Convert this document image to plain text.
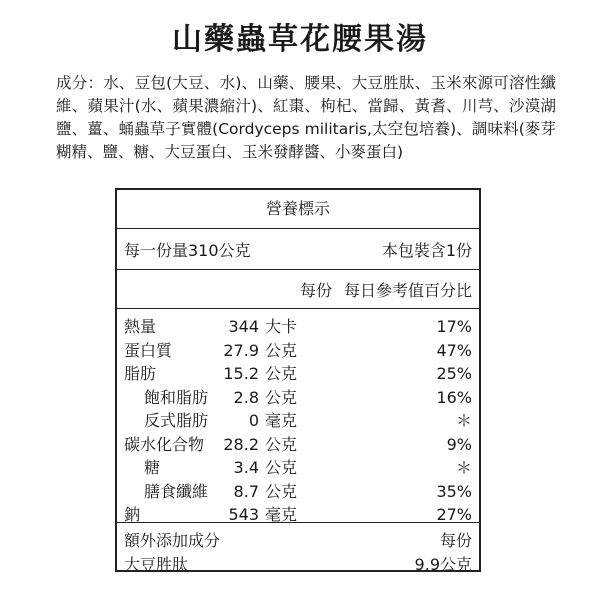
山藥蟲草花腰果湯

成分：水、豆包(大豆、水)、山藥、腰果、大豆胜肽、玉米來源可溶性纖維、蘋果汁(水、蘋果濃縮汁)、紅棗、枸杞、當歸、黃耆、川芎、沙漠湖鹽、薑、蛹蟲草子實體(Cordyceps militaris,太空包培養)、調味料(麥芽糊精、鹽、糖、大豆蛋白、玉米發酵醬、小麥蛋白)

營養標示
每一份量310公克	本包裝含1份
每份 每日參考值百分比
熱量	344 大卡	17%
蛋白質	27.9 公克	47%
脂肪	15.2 公克	25%
飽和脂肪 2.8 公克	16%
反式脂肪	0 毫克	＊
碳水化合物 28.2 公克	9%
糖	3.4 公克	＊
膳食纖維 8.7 公克	35%
鈉	543 毫克	27%
額外添加成分	每份
大豆胜肽	9.9公克
